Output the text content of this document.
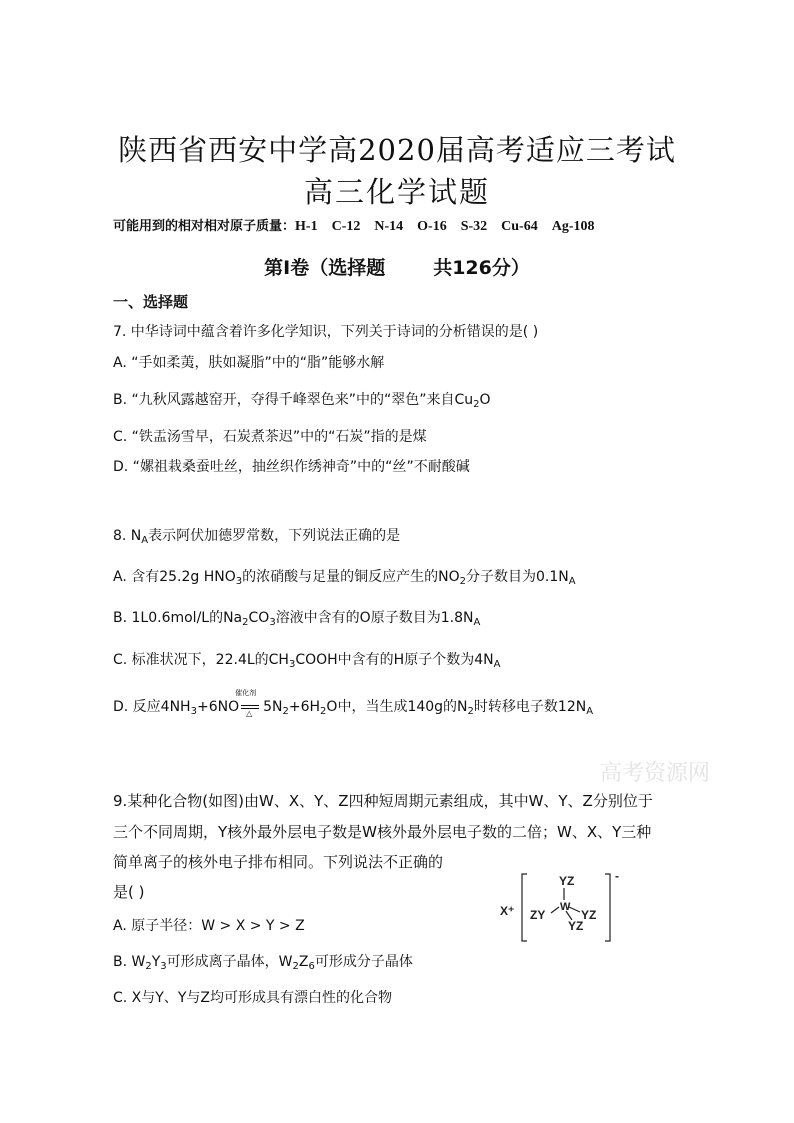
陕西省西安中学高2020届高考适应三考试
高三化学试题
可能用到的相对相对原子质量：H-1 C-12 N-14 O-16 S-32 Cu-64 Ag-108
第Ⅰ卷（选择题	共126分）
一、选择题
7. 中华诗词中蕴含着许多化学知识，下列关于诗词的分析错误的是( )
A. “手如柔荑，肤如凝脂”中的“脂”能够水解
B. “九秋风露越窑开，夺得千峰翠色来”中的“翠色”来自$Cu_2O$
C. “铁盂汤雪早，石炭煮茶迟”中的“石炭”指的是煤
D. “嫘祖栽桑蚕吐丝，抽丝织作绣神奇”中的“丝”不耐酸碱
8. $N_A$表示阿伏加德罗常数，下列说法正确的是
A. 含有25.2g $HNO_3$的浓硝酸与足量的铜反应产生的$NO_2$分子数目为$0.1N_A$
B. 1L0.6mol/L的$Na_2CO_3$溶液中含有的O原子数目为$1.8N_A$
C. 标准状况下，22.4L的$CH_3COOH$中含有的H原子个数为$4N_A$
D. 反应$4NH_3+6NO$
催化剂
△ $5N_2+6H_2O$中，当生成140g的$N_2$时转移电子数$12N_A$
高考资源网
9.某种化合物(如图)由W、X、Y、Z四种短周期元素组成，其中W、Y、Z分别位于
三个不同周期，Y核外最外层电子数是W核外最外层电子数的二倍；W、X、Y三种
简单离子的核外电子排布相同。下列说法不正确的
是( )
A. 原子半径：W > X > Y > Z
B. $W_2Y_3$可形成离子晶体，$W_2Z_6$可形成分子晶体
C. X与Y、Y与Z均可形成具有漂白性的化合物
X⁺
YZ
ZY	YZ
YZ
W
-
